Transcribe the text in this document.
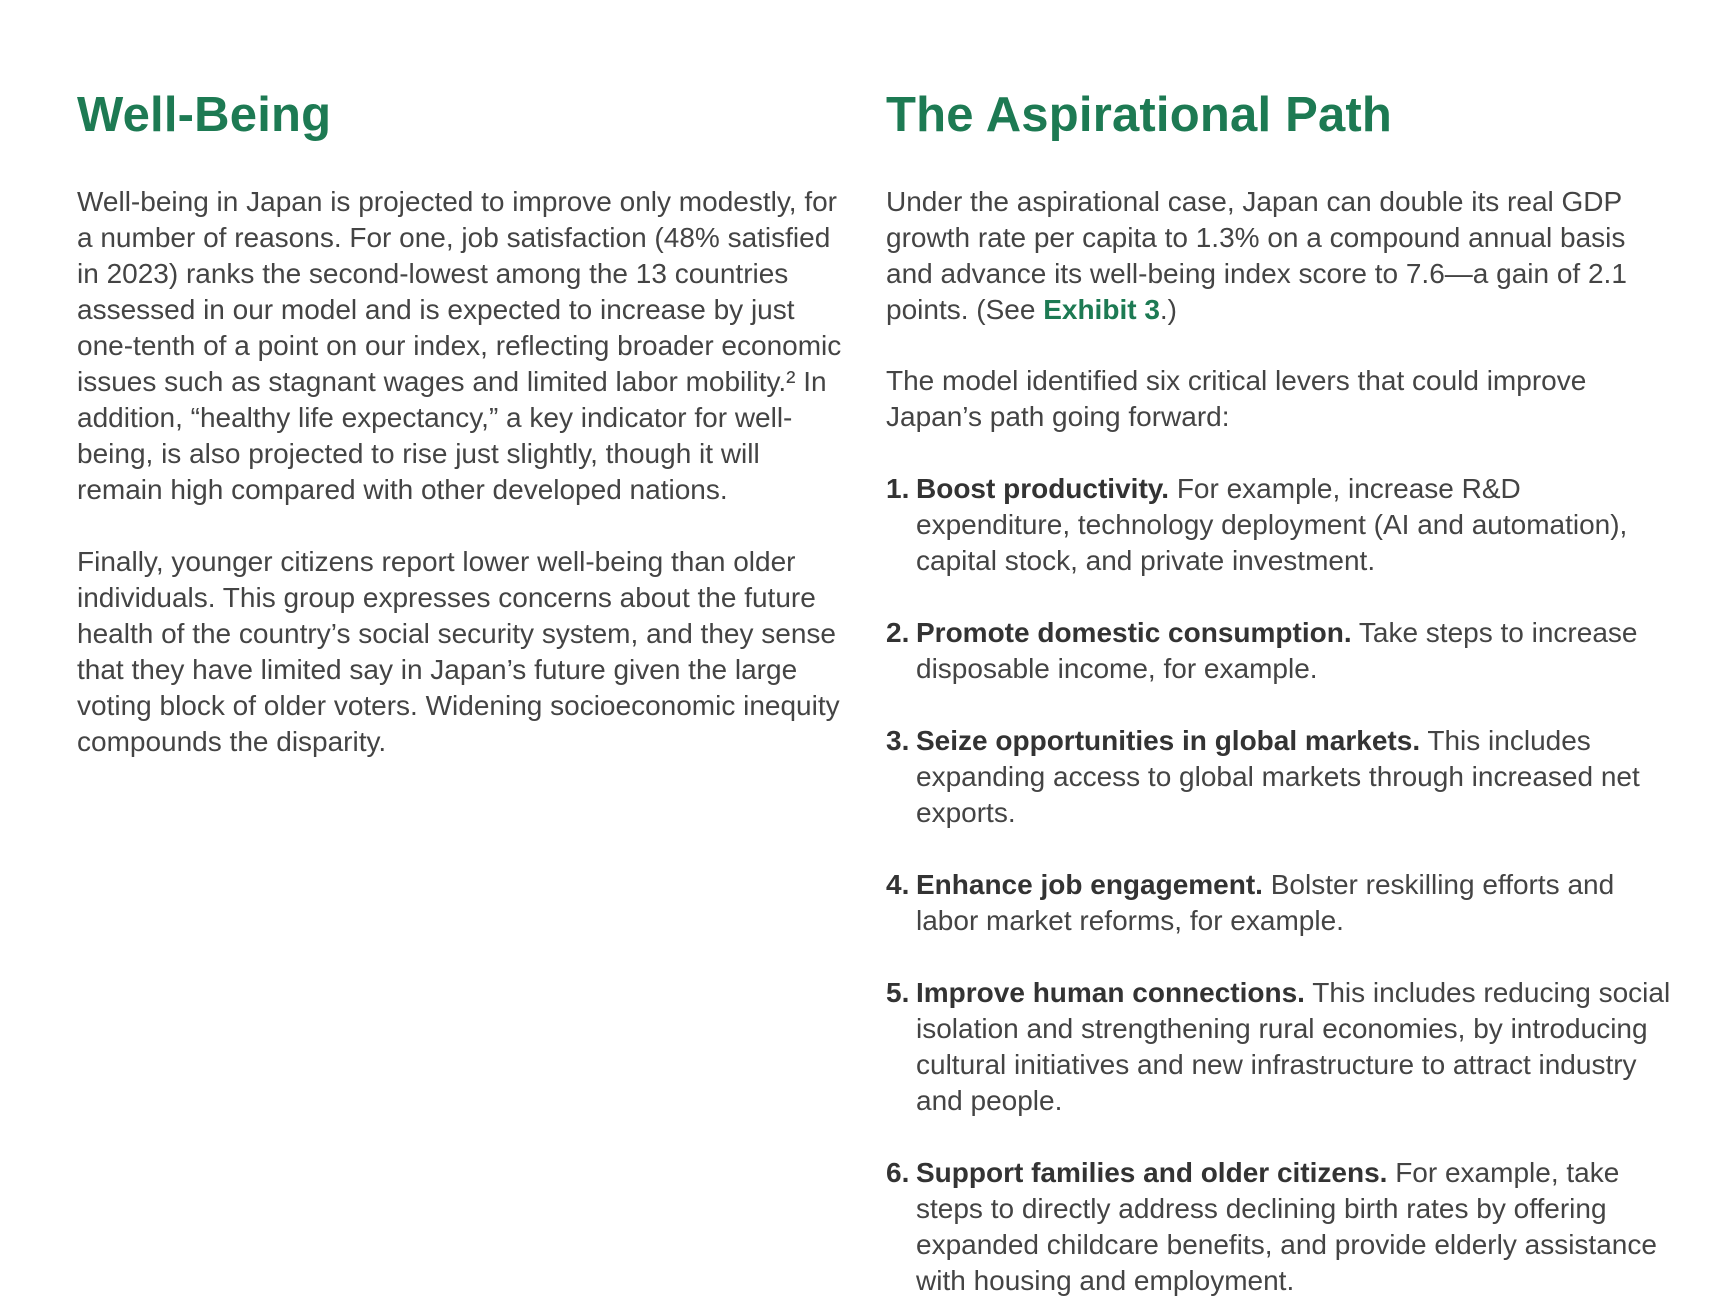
Well-Being

Well-being in Japan is projected to improve only modestly, for a number of reasons. For one, job satisfaction (48% satisfied in 2023) ranks the second-lowest among the 13 countries assessed in our model and is expected to increase by just one-tenth of a point on our index, reflecting broader economic issues such as stagnant wages and limited labor mobility.² In addition, “healthy life expectancy,” a key indicator for well-being, is also projected to rise just slightly, though it will remain high compared with other developed nations.

Finally, younger citizens report lower well-being than older individuals. This group expresses concerns about the future health of the country’s social security system, and they sense that they have limited say in Japan’s future given the large voting block of older voters. Widening socioeconomic inequity compounds the disparity.

The Aspirational Path

Under the aspirational case, Japan can double its real GDP growth rate per capita to 1.3% on a compound annual basis and advance its well-being index score to 7.6—a gain of 2.1 points. (See Exhibit 3.)

The model identified six critical levers that could improve Japan’s path going forward:

1. Boost productivity. For example, increase R&D expenditure, technology deployment (AI and automation), capital stock, and private investment.
2. Promote domestic consumption. Take steps to increase disposable income, for example.
3. Seize opportunities in global markets. This includes expanding access to global markets through increased net exports.
4. Enhance job engagement. Bolster reskilling efforts and labor market reforms, for example.
5. Improve human connections. This includes reducing social isolation and strengthening rural economies, by introducing cultural initiatives and new infrastructure to attract industry and people.
6. Support families and older citizens. For example, take steps to directly address declining birth rates by offering expanded childcare benefits, and provide elderly assistance with housing and employment.
